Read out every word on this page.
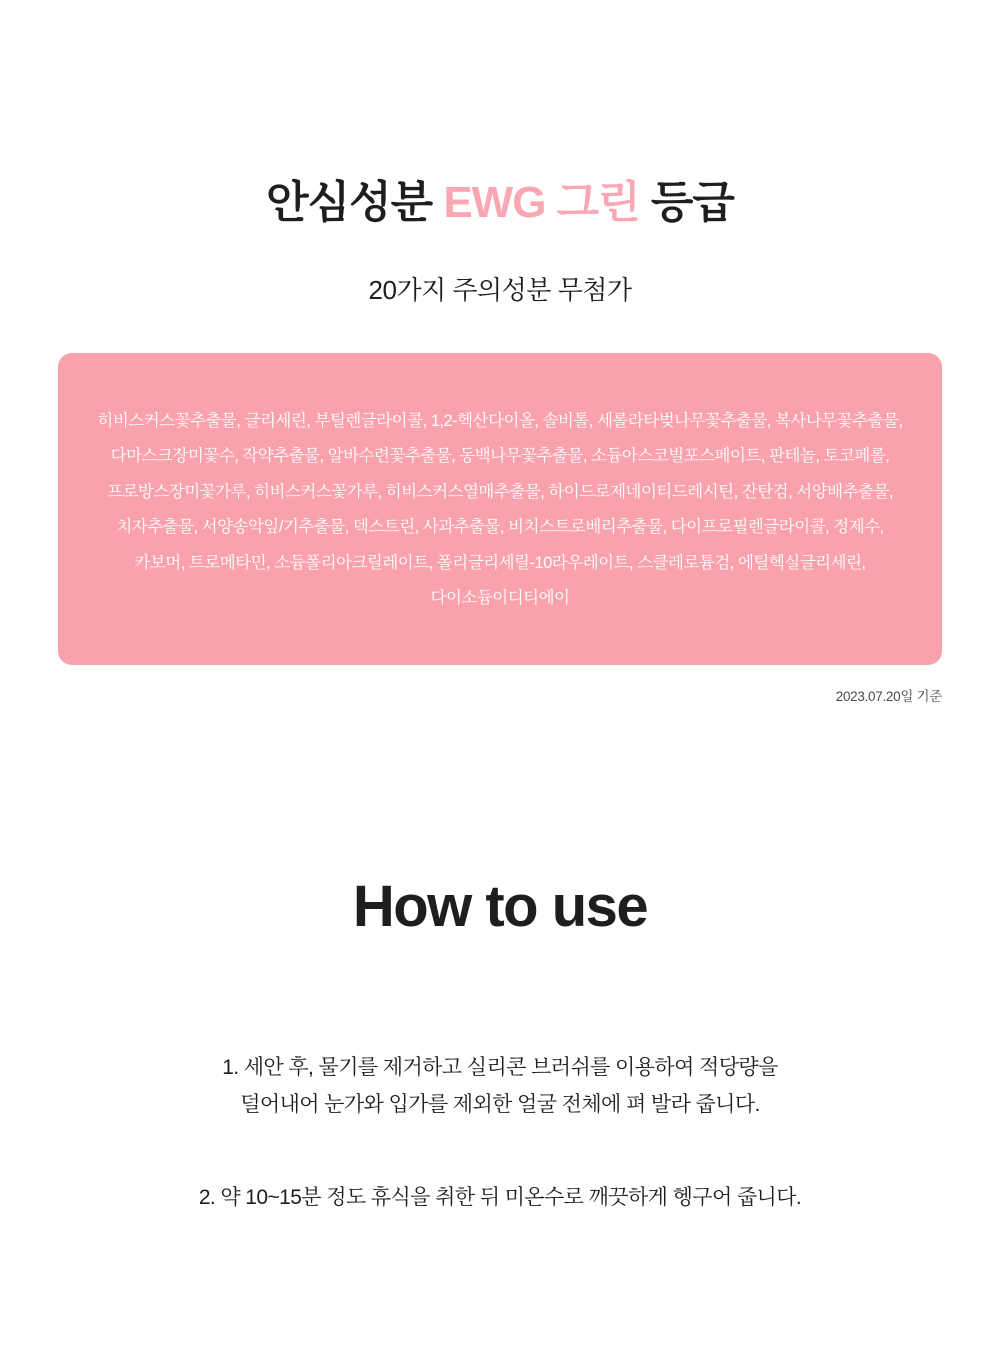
안심성분 EWG 그린 등급
20가지 주의성분 무첨가

히비스커스꽃추출물, 글리세린, 부틸렌글라이콜, 1,2-헥산다이올, 솔비톨, 세롤라타벚나무꽃추출물, 복사나무꽃추출물, 다마스크장미꽃수, 작약추출물, 알바수련꽃추출물, 동백나무꽃추출물, 소듐아스코빌포스페이트, 판테놀, 토코페롤, 프로방스장미꽃가루, 히비스커스꽃가루, 히비스커스열매추출물, 하이드로제네이티드레시틴, 잔탄검, 서양배추출물, 치자추출물, 서양송악잎/기추출물, 덱스트린, 사과추출물, 비치스트로베리추출물, 다이프로필렌글라이콜, 정제수, 카보머, 트로메타민, 소듐폴리아크릴레이트, 폴리글리세릴-10라우레이트, 스클레로튬검, 에틸헥실글리세린, 다이소듐이디티에이

2023.07.20일 기준
How to use

1. 세안 후, 물기를 제거하고 실리콘 브러쉬를 이용하여 적당량을
덜어내어 눈가와 입가를 제외한 얼굴 전체에 펴 발라 줍니다.

2. 약 10~15분 정도 휴식을 취한 뒤 미온수로 깨끗하게 헹구어 줍니다.
